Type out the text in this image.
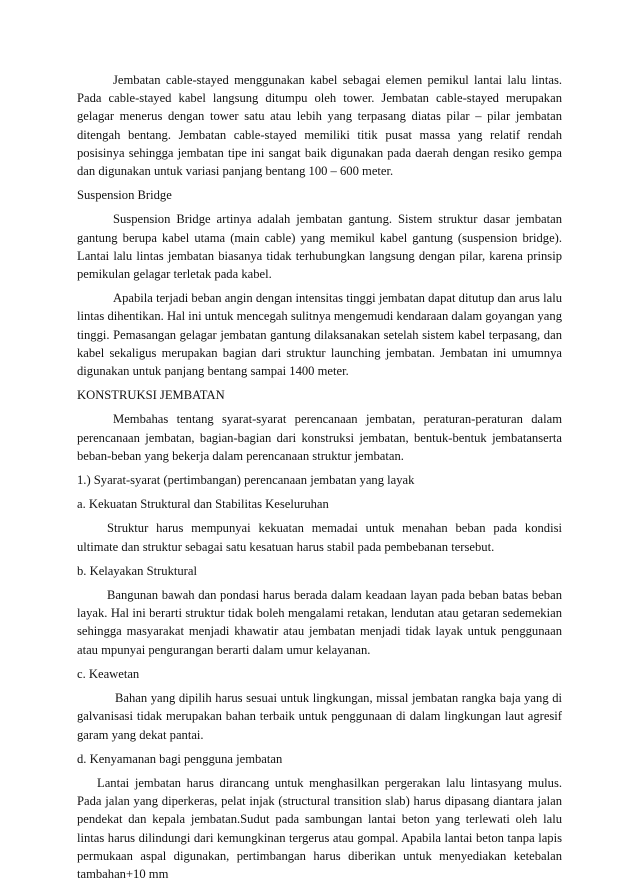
Jembatan cable-stayed menggunakan kabel sebagai elemen pemikul lantai lalu lintas. Pada cable-stayed kabel langsung ditumpu oleh tower. Jembatan cable-stayed merupakan gelagar menerus dengan tower satu atau lebih yang terpasang diatas pilar – pilar jembatan ditengah bentang. Jembatan cable-stayed memiliki titik pusat massa yang relatif rendah posisinya sehingga jembatan tipe ini sangat baik digunakan pada daerah dengan resiko gempa dan digunakan untuk variasi panjang bentang 100 – 600 meter.

Suspension Bridge

Suspension Bridge artinya adalah jembatan gantung. Sistem struktur dasar jembatan gantung berupa kabel utama (main cable) yang memikul kabel gantung (suspension bridge). Lantai lalu lintas jembatan biasanya tidak terhubungkan langsung dengan pilar, karena prinsip pemikulan gelagar terletak pada kabel.

Apabila terjadi beban angin dengan intensitas tinggi jembatan dapat ditutup dan arus lalu lintas dihentikan. Hal ini untuk mencegah sulitnya mengemudi kendaraan dalam goyangan yang tinggi. Pemasangan gelagar jembatan gantung dilaksanakan setelah sistem kabel terpasang, dan kabel sekaligus merupakan bagian dari struktur launching jembatan. Jembatan ini umumnya digunakan untuk panjang bentang sampai 1400 meter.

KONSTRUKSI JEMBATAN

Membahas tentang syarat-syarat perencanaan jembatan, peraturan-peraturan dalam perencanaan jembatan, bagian-bagian dari konstruksi jembatan, bentuk-bentuk jembatanserta beban-beban yang bekerja dalam perencanaan struktur jembatan.

1.) Syarat-syarat (pertimbangan) perencanaan jembatan yang layak

a. Kekuatan Struktural dan Stabilitas Keseluruhan

Struktur harus mempunyai kekuatan memadai untuk menahan beban pada kondisi ultimate dan struktur sebagai satu kesatuan harus stabil pada pembebanan tersebut.

b. Kelayakan Struktural

Bangunan bawah dan pondasi harus berada dalam keadaan layan pada beban batas beban layak. Hal ini berarti struktur tidak boleh mengalami retakan, lendutan atau getaran sedemekian sehingga masyarakat menjadi khawatir atau jembatan menjadi tidak layak untuk penggunaan atau mpunyai pengurangan berarti dalam umur kelayanan.

c. Keawetan

Bahan yang dipilih harus sesuai untuk lingkungan, missal jembatan rangka baja yang di galvanisasi tidak merupakan bahan terbaik untuk penggunaan di dalam lingkungan laut agresif garam yang dekat pantai.

d. Kenyamanan bagi pengguna jembatan

Lantai jembatan harus dirancang untuk menghasilkan pergerakan lalu lintasyang mulus. Pada jalan yang diperkeras, pelat injak (structural transition slab) harus dipasang diantara jalan pendekat dan kepala jembatan.Sudut pada sambungan lantai beton yang terlewati oleh lalu lintas harus dilindungi dari kemungkinan tergerus atau gompal. Apabila lantai beton tanpa lapis permukaan aspal digunakan, pertimbangan harus diberikan untuk menyediakan ketebalan tambahan+10 mm
